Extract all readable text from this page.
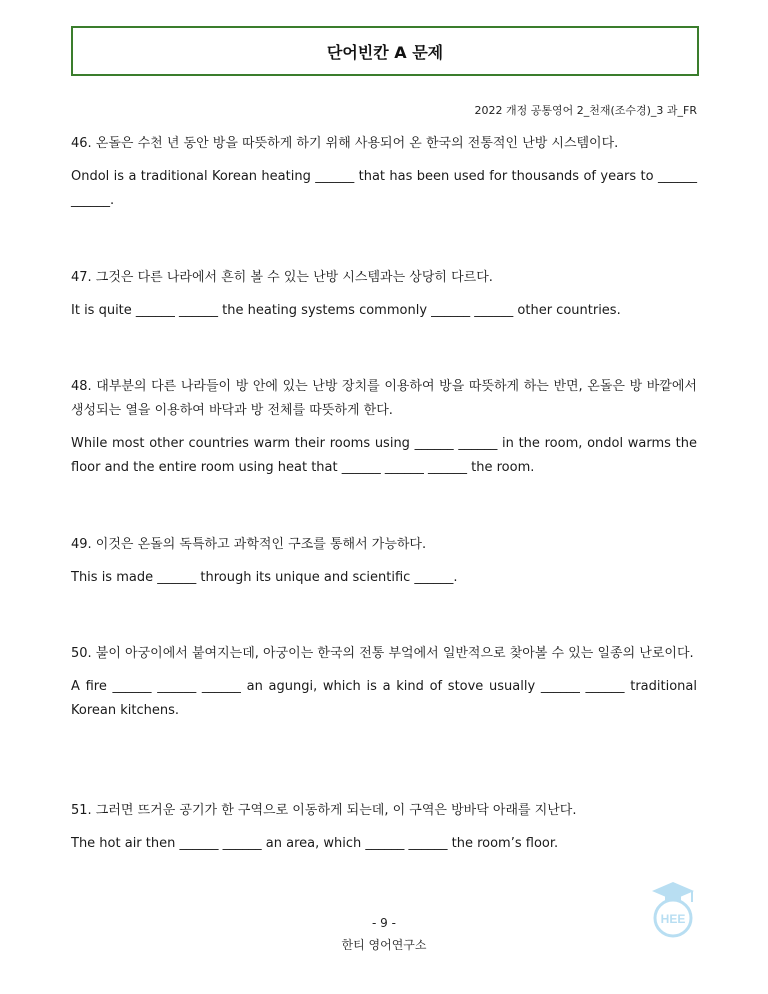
단어빈칸 A 문제
2022 개정 공통영어 2_천재(조수경)_3 과_FR

46. 온돌은 수천 년 동안 방을 따뜻하게 하기 위해 사용되어 온 한국의 전통적인 난방 시스템이다.

Ondol is a traditional Korean heating ______ that has been used for thousands of years to ______ ______.

47. 그것은 다른 나라에서 흔히 볼 수 있는 난방 시스템과는 상당히 다르다.

It is quite ______ ______ the heating systems commonly ______ ______ other countries.

48. 대부분의 다른 나라들이 방 안에 있는 난방 장치를 이용하여 방을 따뜻하게 하는 반면, 온돌은 방 바깥에서 생성되는 열을 이용하여 바닥과 방 전체를 따뜻하게 한다.

While most other countries warm their rooms using ______ ______ in the room, ondol warms the floor and the entire room using heat that ______ ______ ______ the room.

49. 이것은 온돌의 독특하고 과학적인 구조를 통해서 가능하다.

This is made ______ through its unique and scientific ______.

50. 불이 아궁이에서 붙여지는데, 아궁이는 한국의 전통 부엌에서 일반적으로 찾아볼 수 있는 일종의 난로이다.

A fire ______ ______ ______ an agungi, which is a kind of stove usually ______ ______ traditional Korean kitchens.

51. 그러면 뜨거운 공기가 한 구역으로 이동하게 되는데, 이 구역은 방바닥 아래를 지난다.

The hot air then ______ ______ an area, which ______ ______ the room’s floor.

HEE
- 9 -
한티 영어연구소
